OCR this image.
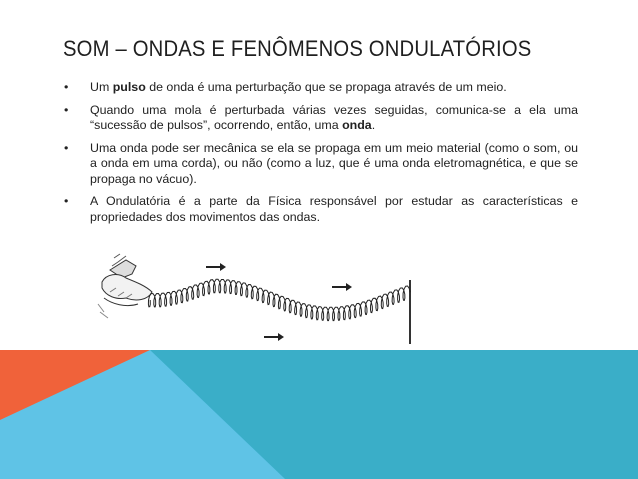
SOM – ONDAS E FENÔMENOS ONDULATÓRIOS
• Um pulso de onda é uma perturbação que se propaga através de um meio.
• Quando uma mola é perturbada várias vezes seguidas, comunica-se a ela uma “sucessão de pulsos”, ocorrendo, então, uma onda.
• Uma onda pode ser mecânica se ela se propaga em um meio material (como o som, ou a onda em uma corda), ou não (como a luz, que é uma onda eletromagnética, e que se propaga no vácuo).
• A Ondulatória é a parte da Física responsável por estudar as características e propriedades dos movimentos das ondas.
